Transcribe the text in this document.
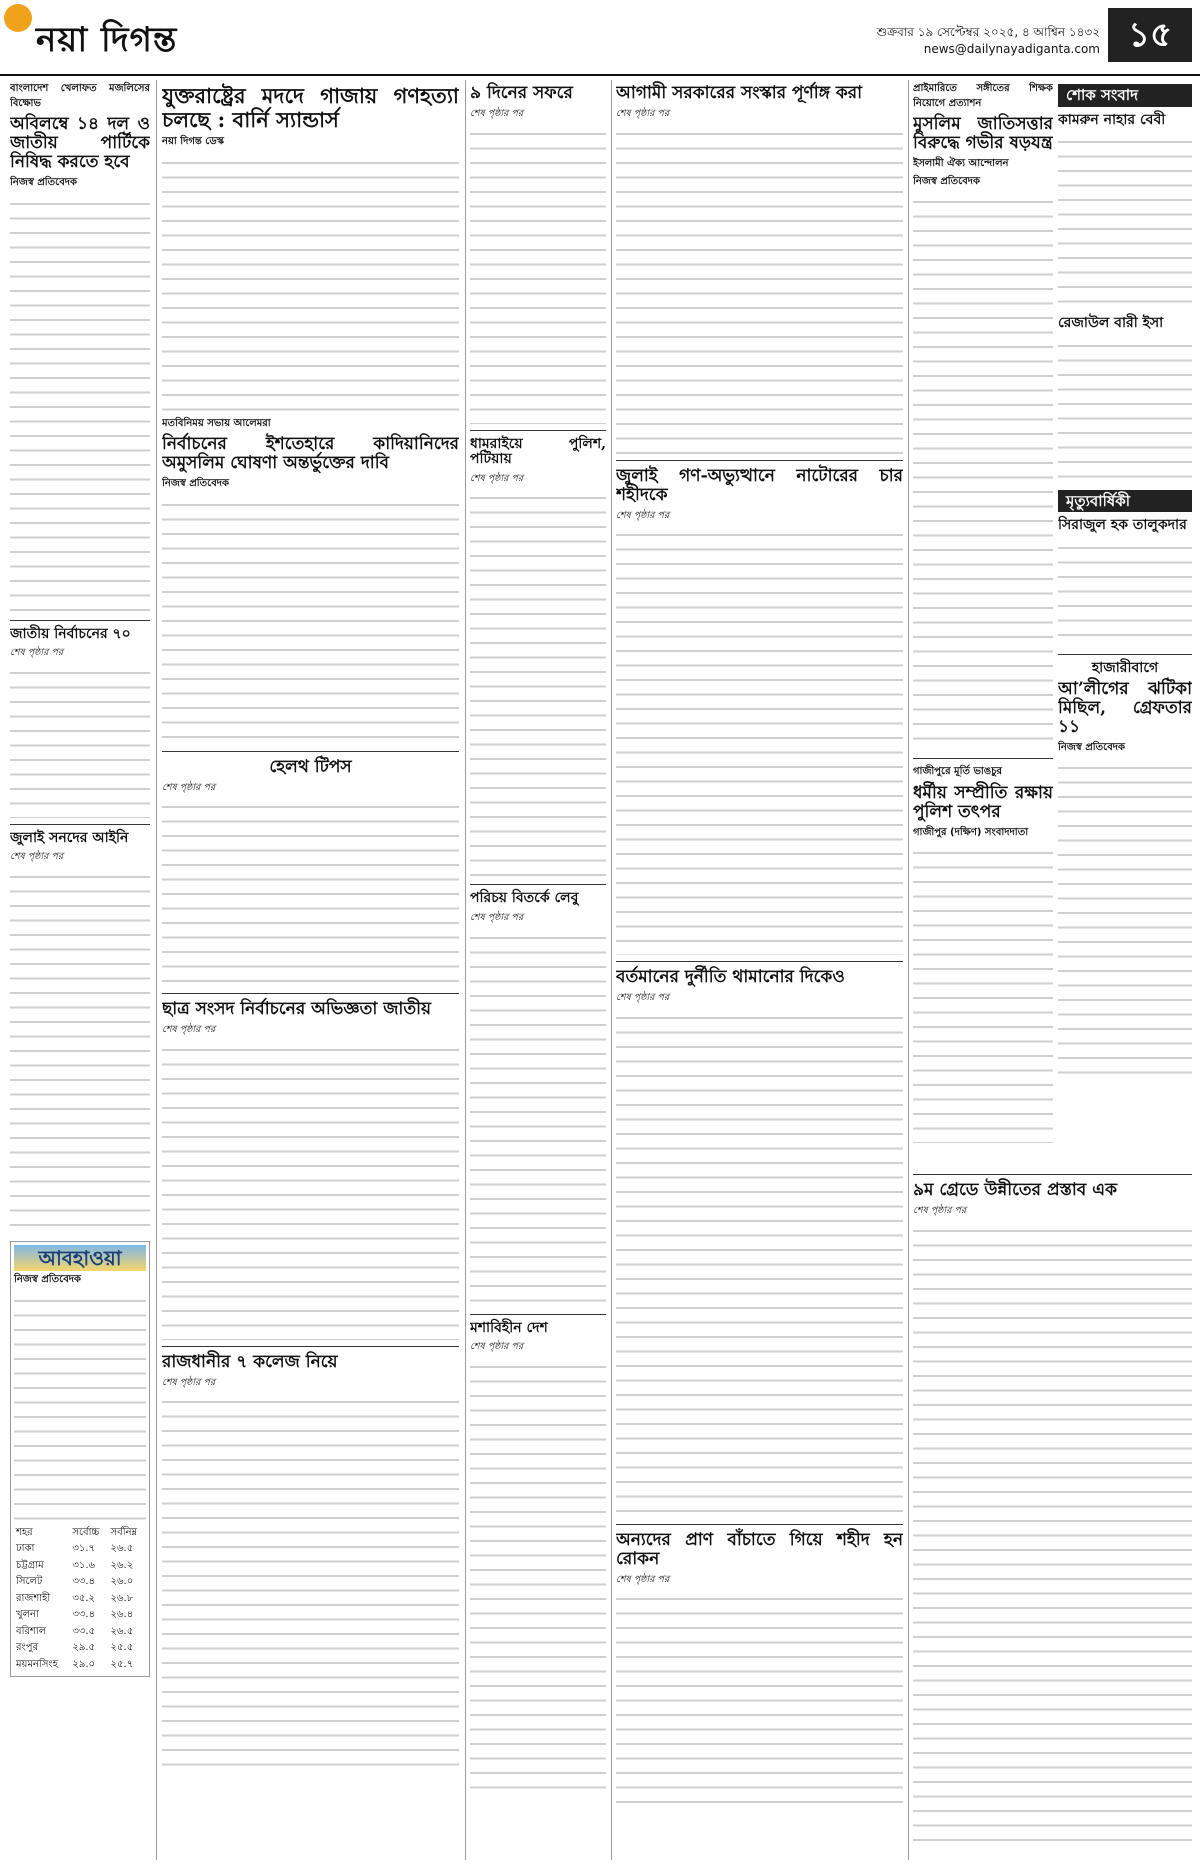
নয়া দিগন্ত	শুক্রবার ১৯ সেপ্টেম্বর ২০২৫, ৪ আশ্বিন ১৪৩২
news@dailynayadiganta.com ১৫
বাংলাদেশ খেলাফত মজলিসের বিক্ষোভ
অবিলম্বে ১৪ দল ও জাতীয় পার্টিকে নিষিদ্ধ করতে হবে
নিজস্ব প্রতিবেদক
জাতীয় নির্বাচনের ৭০
শেষ পৃষ্ঠার পর
জুলাই সনদের আইনি
শেষ পৃষ্ঠার পর
আবহাওয়া
নিজস্ব প্রতিবেদক
শহর	সর্বোচ্চ	সর্বনিম্ন
ঢাকা	৩১.৭	২৬.৫
চট্টগ্রাম	৩১.৬	২৬.২
সিলেট	৩৩.৪	২৬.০
রাজশাহী	৩৫.২	২৬.৮
খুলনা	৩৩.৪	২৬.৪
বরিশাল	৩৩.৫	২৬.৫
রংপুর	২৯.৫	২৫.৫
ময়মনসিংহ	২৯.০	২৫.৭
যুক্তরাষ্ট্রের মদদে গাজায় গণহত্যা চলছে : বার্নি স্যান্ডার্স
নয়া দিগন্ত ডেস্ক
মতবিনিময় সভায় আলেমরা
নির্বাচনের ইশতেহারে কাদিয়ানিদের অমুসলিম ঘোষণা অন্তর্ভুক্তের দাবি
নিজস্ব প্রতিবেদক
হেলথ টিপস
শেষ পৃষ্ঠার পর
ছাত্র সংসদ নির্বাচনের অভিজ্ঞতা জাতীয়
শেষ পৃষ্ঠার পর
রাজধানীর ৭ কলেজ নিয়ে
শেষ পৃষ্ঠার পর
৯ দিনের সফরে
শেষ পৃষ্ঠার পর
ধামরাইয়ে পুলিশ, পটিয়ায়
শেষ পৃষ্ঠার পর
পরিচয় বিতর্কে লেবু
শেষ পৃষ্ঠার পর
মশাবিহীন দেশ
শেষ পৃষ্ঠার পর
আগামী সরকারের সংস্কার পূর্ণাঙ্গ করা
শেষ পৃষ্ঠার পর
জুলাই গণ-অভ্যুত্থানে নাটোরের চার শহীদকে
শেষ পৃষ্ঠার পর
বর্তমানের দুর্নীতি থামানোর দিকেও
শেষ পৃষ্ঠার পর
অন্যদের প্রাণ বাঁচাতে গিয়ে শহীদ হন রোকন
শেষ পৃষ্ঠার পর
প্রাইমারিতে সঙ্গীতের শিক্ষক নিয়োগে প্রত্যাশন
মুসলিম জাতিসত্তার বিরুদ্ধে গভীর ষড়যন্ত্র
ইসলামী ঐক্য আন্দোলন
নিজস্ব প্রতিবেদক
গাজীপুরে মূর্তি ভাঙচুর
ধর্মীয় সম্প্রীতি রক্ষায় পুলিশ তৎপর
গাজীপুর (দক্ষিণ) সংবাদদাতা
শোক সংবাদ
কামরুন নাহার বেবী
রেজাউল বারী ইসা
মৃত্যুবার্ষিকী
সিরাজুল হক তালুকদার
হাজারীবাগে
আ’লীগের ঝটিকা মিছিল, গ্রেফতার ১১
নিজস্ব প্রতিবেদক
৯ম গ্রেডে উন্নীতের প্রস্তাব এক
শেষ পৃষ্ঠার পর
